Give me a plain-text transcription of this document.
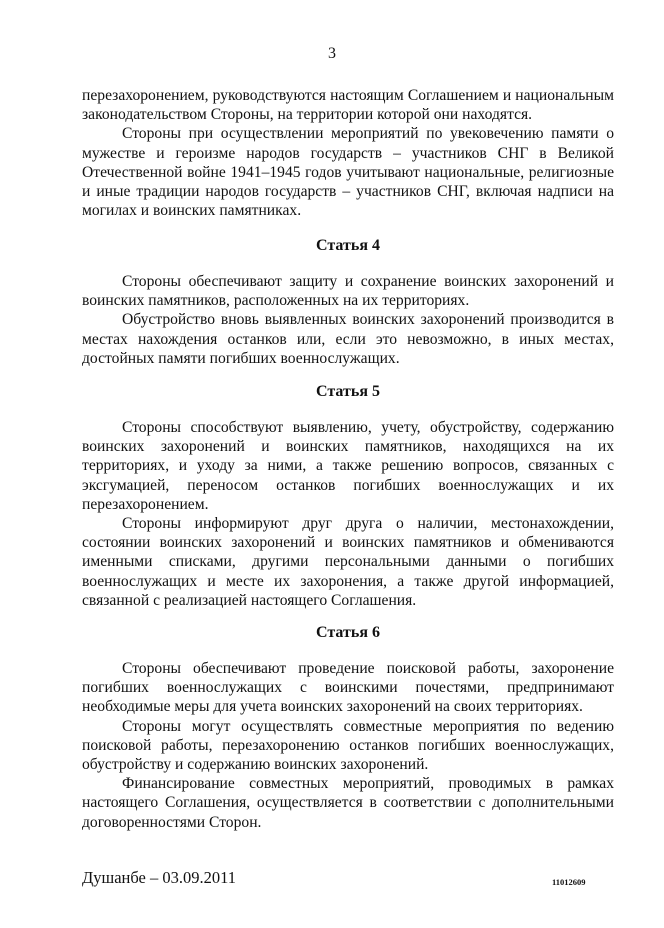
3

перезахоронением, руководствуются настоящим Соглашением и национальным законодательством Стороны, на территории которой они находятся.

Стороны при осуществлении мероприятий по увековечению памяти о мужестве и героизме народов государств – участников СНГ в Великой Отечественной войне 1941–1945 годов учитывают национальные, религиозные и иные традиции народов государств – участников СНГ, включая надписи на могилах и воинских памятниках.

Статья 4

Стороны обеспечивают защиту и сохранение воинских захоронений и воинских памятников, расположенных на их территориях.

Обустройство вновь выявленных воинских захоронений производится в местах нахождения останков или, если это невозможно, в иных местах, достойных памяти погибших военнослужащих.

Статья 5

Стороны способствуют выявлению, учету, обустройству, содержанию воинских захоронений и воинских памятников, находящихся на их территориях, и уходу за ними, а также решению вопросов, связанных с эксгумацией, переносом останков погибших военнослужащих и их перезахоронением.

Стороны информируют друг друга о наличии, местонахождении, состоянии воинских захоронений и воинских памятников и обмениваются именными списками, другими персональными данными о погибших военнослужащих и месте их захоронения, а также другой информацией, связанной с реализацией настоящего Соглашения.

Статья 6

Стороны обеспечивают проведение поисковой работы, захоронение погибших военнослужащих с воинскими почестями, предпринимают необходимые меры для учета воинских захоронений на своих территориях.

Стороны могут осуществлять совместные мероприятия по ведению поисковой работы, перезахоронению останков погибших военнослужащих, обустройству и содержанию воинских захоронений.

Финансирование совместных мероприятий, проводимых в рамках настоящего Соглашения, осуществляется в соответствии с дополнительными договоренностями Сторон.

Душанбе – 03.09.2011	11012609
